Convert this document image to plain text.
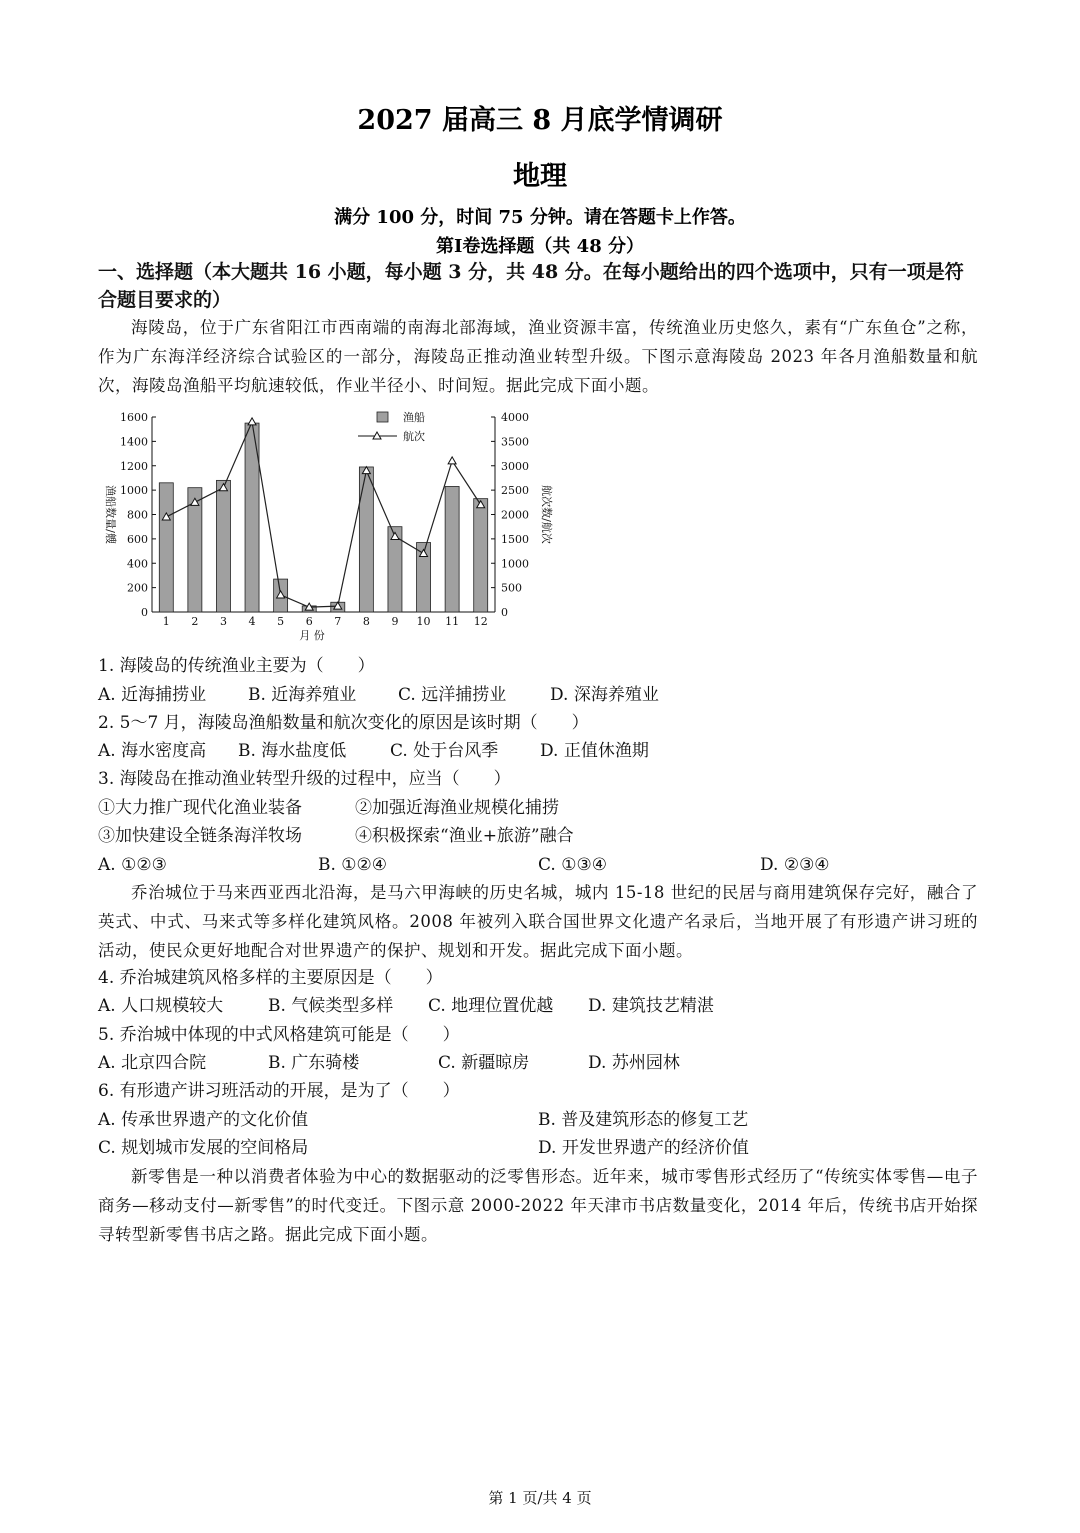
2027 届高三 8 月底学情调研
地理
满分 100 分，时间 75 分钟。请在答题卡上作答。
第Ⅰ卷选择题（共 48 分）
一、选择题（本大题共 16 小题，每小题 3 分，共 48 分。在每小题给出的四个选项中，只有一项是符合题目要求的）
海陵岛，位于广东省阳江市西南端的南海北部海域，渔业资源丰富，传统渔业历史悠久，素有“广东鱼仓”之称，作为广东海洋经济综合试验区的一部分，海陵岛正推动渔业转型升级。下图示意海陵岛 2023 年各月渔船数量和航次，海陵岛渔船平均航速较低，作业半径小、时间短。据此完成下面小题。
0
200
400
600
800
1000
1200
1400
1600
0
500
1000
1500
2000
2500
3000
3500
4000
1 2 3 4 5 6 7 8 9 10 11 12
月 份
渔船数量/艘	航次数/航次
渔船
航次
1. 海陵岛的传统渔业主要为（　　）
A. 近海捕捞业 B. 近海养殖业 C. 远洋捕捞业	D. 深海养殖业
2. 5～7 月，海陵岛渔船数量和航次变化的原因是该时期（　　）
A. 海水密度高 B. 海水盐度低	C. 处于台风季 D. 正值休渔期
3. 海陵岛在推动渔业转型升级的过程中，应当（　　）
①大力推广现代化渔业装备	②加强近海渔业规模化捕捞
③加快建设全链条海洋牧场	④积极探索“渔业+旅游”融合
A. ①②③	B. ①②④	C. ①③④	D. ②③④
乔治城位于马来西亚西北沿海，是马六甲海峡的历史名城，城内 15-18 世纪的民居与商用建筑保存完好，融合了英式、中式、马来式等多样化建筑风格。2008 年被列入联合国世界文化遗产名录后，当地开展了有形遗产讲习班的活动，使民众更好地配合对世界遗产的保护、规划和开发。据此完成下面小题。
4. 乔治城建筑风格多样的主要原因是（　　）
A. 人口规模较大	B. 气候类型多样 C. 地理位置优越 D. 建筑技艺精湛
5. 乔治城中体现的中式风格建筑可能是（　　）
A. 北京四合院	B. 广东骑楼	C. 新疆晾房	D. 苏州园林
6. 有形遗产讲习班活动的开展，是为了（　　）
A. 传承世界遗产的文化价值	B. 普及建筑形态的修复工艺
C. 规划城市发展的空间格局	D. 开发世界遗产的经济价值
新零售是一种以消费者体验为中心的数据驱动的泛零售形态。近年来，城市零售形式经历了“传统实体零售—电子商务—移动支付—新零售”的时代变迁。下图示意 2000-2022 年天津市书店数量变化，2014 年后，传统书店开始探寻转型新零售书店之路。据此完成下面小题。
第 1 页/共 4 页
